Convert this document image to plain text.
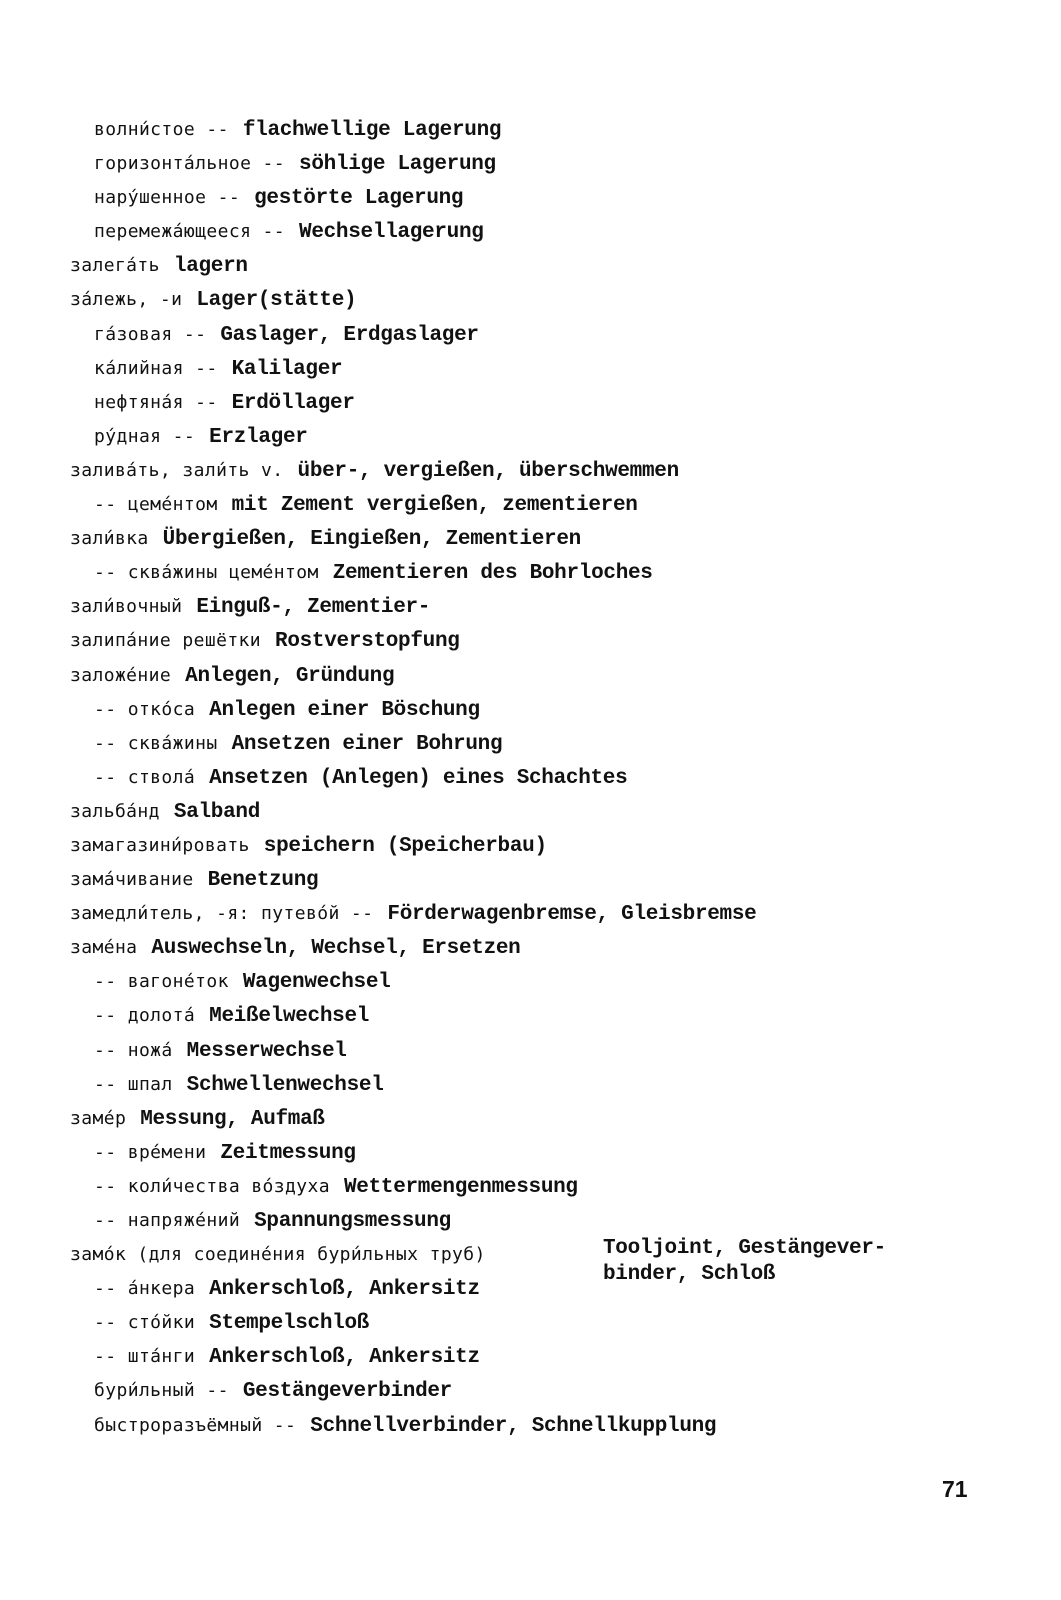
волни́стое -- flachwellige Lagerung
горизонта́льное -- söhlige Lagerung
нару́шенное -- gestörte Lagerung
перемежа́ющееся -- Wechsellagerung
залега́ть lagern
за́лежь, -и Lager(stätte)
га́зовая -- Gaslager, Erdgaslager
ка́лийная -- Kalilager
нефтяна́я -- Erdöllager
ру́дная -- Erzlager
залива́ть, зали́ть v. über-, vergießen, überschwemmen
-- цеме́нтом mit Zement vergießen, zementieren
зали́вка Übergießen, Eingießen, Zementieren
-- сква́жины цеме́нтом Zementieren des Bohrloches
зали́вочный Einguß-, Zementier-
залипа́ние решётки Rostverstopfung
заложе́ние Anlegen, Gründung
-- отко́са Anlegen einer Böschung
-- сква́жины Ansetzen einer Bohrung
-- ствола́ Ansetzen (Anlegen) eines Schachtes
зальба́нд Salband
замагазини́ровать speichern (Speicherbau)
зама́чивание Benetzung
замедли́тель, -я: путево́й -- Förderwagenbremse, Gleisbremse
заме́на Auswechseln, Wechsel, Ersetzen
-- вагоне́ток Wagenwechsel
-- долота́ Meißelwechsel
-- ножа́ Messerwechsel
-- шпал Schwellenwechsel
заме́р Messung, Aufmaß
-- вре́мени Zeitmessung
-- коли́чества во́здуха Wettermengenmessung
-- напряже́ний Spannungsmessung
замо́к (для соедине́ния бури́льных труб)
-- а́нкера Ankerschloß, Ankersitz
-- сто́йки Stempelschloß
-- шта́нги Ankerschloß, Ankersitz
бури́льный -- Gestängeverbinder
быстроразъёмный -- Schnellverbinder, Schnellkupplung
Tooljoint, Gestängever-
binder, Schloß
71
